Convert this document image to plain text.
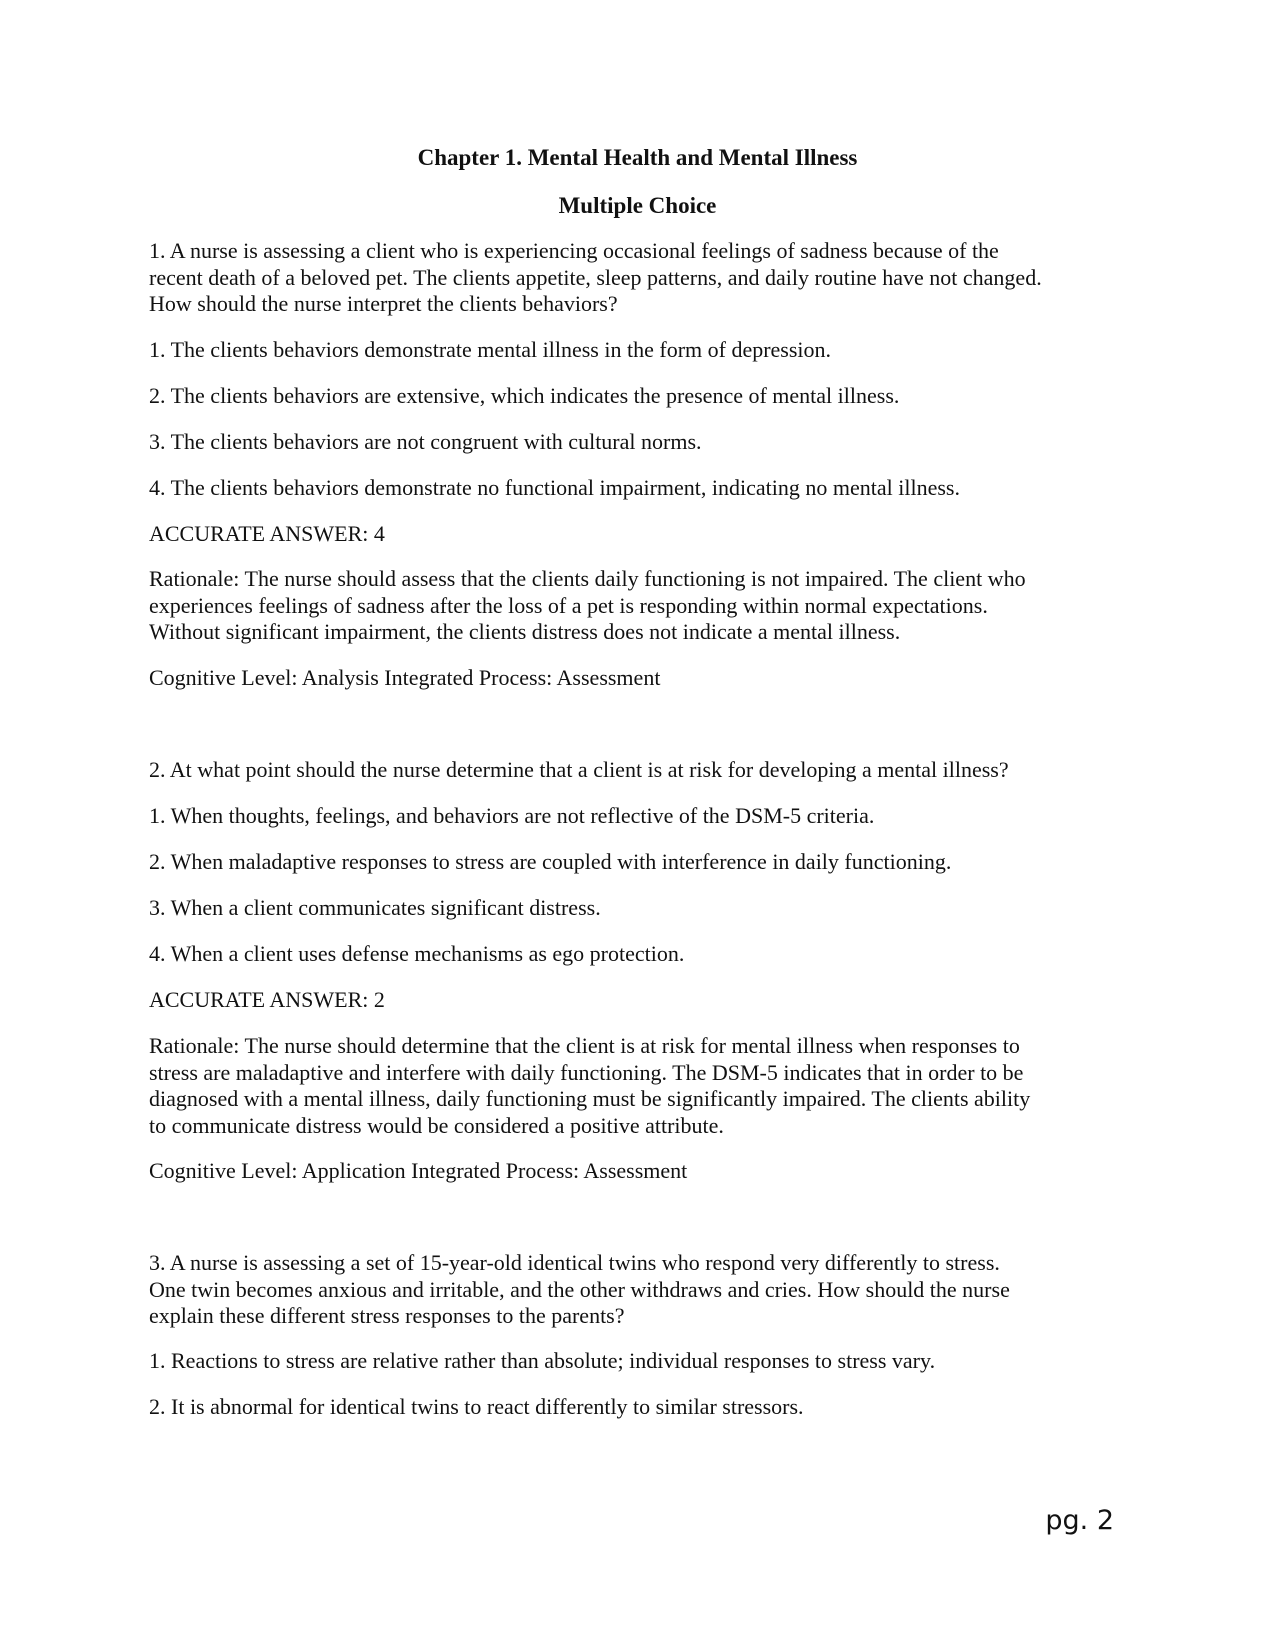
Chapter 1. Mental Health and Mental Illness
Multiple Choice
1. A nurse is assessing a client who is experiencing occasional feelings of sadness because of the
recent death of a beloved pet. The clients appetite, sleep patterns, and daily routine have not changed.
How should the nurse interpret the clients behaviors?
1. The clients behaviors demonstrate mental illness in the form of depression.
2. The clients behaviors are extensive, which indicates the presence of mental illness.
3. The clients behaviors are not congruent with cultural norms.
4. The clients behaviors demonstrate no functional impairment, indicating no mental illness.
ACCURATE ANSWER: 4
Rationale: The nurse should assess that the clients daily functioning is not impaired. The client who
experiences feelings of sadness after the loss of a pet is responding within normal expectations.
Without significant impairment, the clients distress does not indicate a mental illness.
Cognitive Level: Analysis Integrated Process: Assessment
2. At what point should the nurse determine that a client is at risk for developing a mental illness?
1. When thoughts, feelings, and behaviors are not reflective of the DSM-5 criteria.
2. When maladaptive responses to stress are coupled with interference in daily functioning.
3. When a client communicates significant distress.
4. When a client uses defense mechanisms as ego protection.
ACCURATE ANSWER: 2
Rationale: The nurse should determine that the client is at risk for mental illness when responses to
stress are maladaptive and interfere with daily functioning. The DSM-5 indicates that in order to be
diagnosed with a mental illness, daily functioning must be significantly impaired. The clients ability
to communicate distress would be considered a positive attribute.
Cognitive Level: Application Integrated Process: Assessment
3. A nurse is assessing a set of 15-year-old identical twins who respond very differently to stress.
One twin becomes anxious and irritable, and the other withdraws and cries. How should the nurse
explain these different stress responses to the parents?
1. Reactions to stress are relative rather than absolute; individual responses to stress vary.
2. It is abnormal for identical twins to react differently to similar stressors.
pg. 2
